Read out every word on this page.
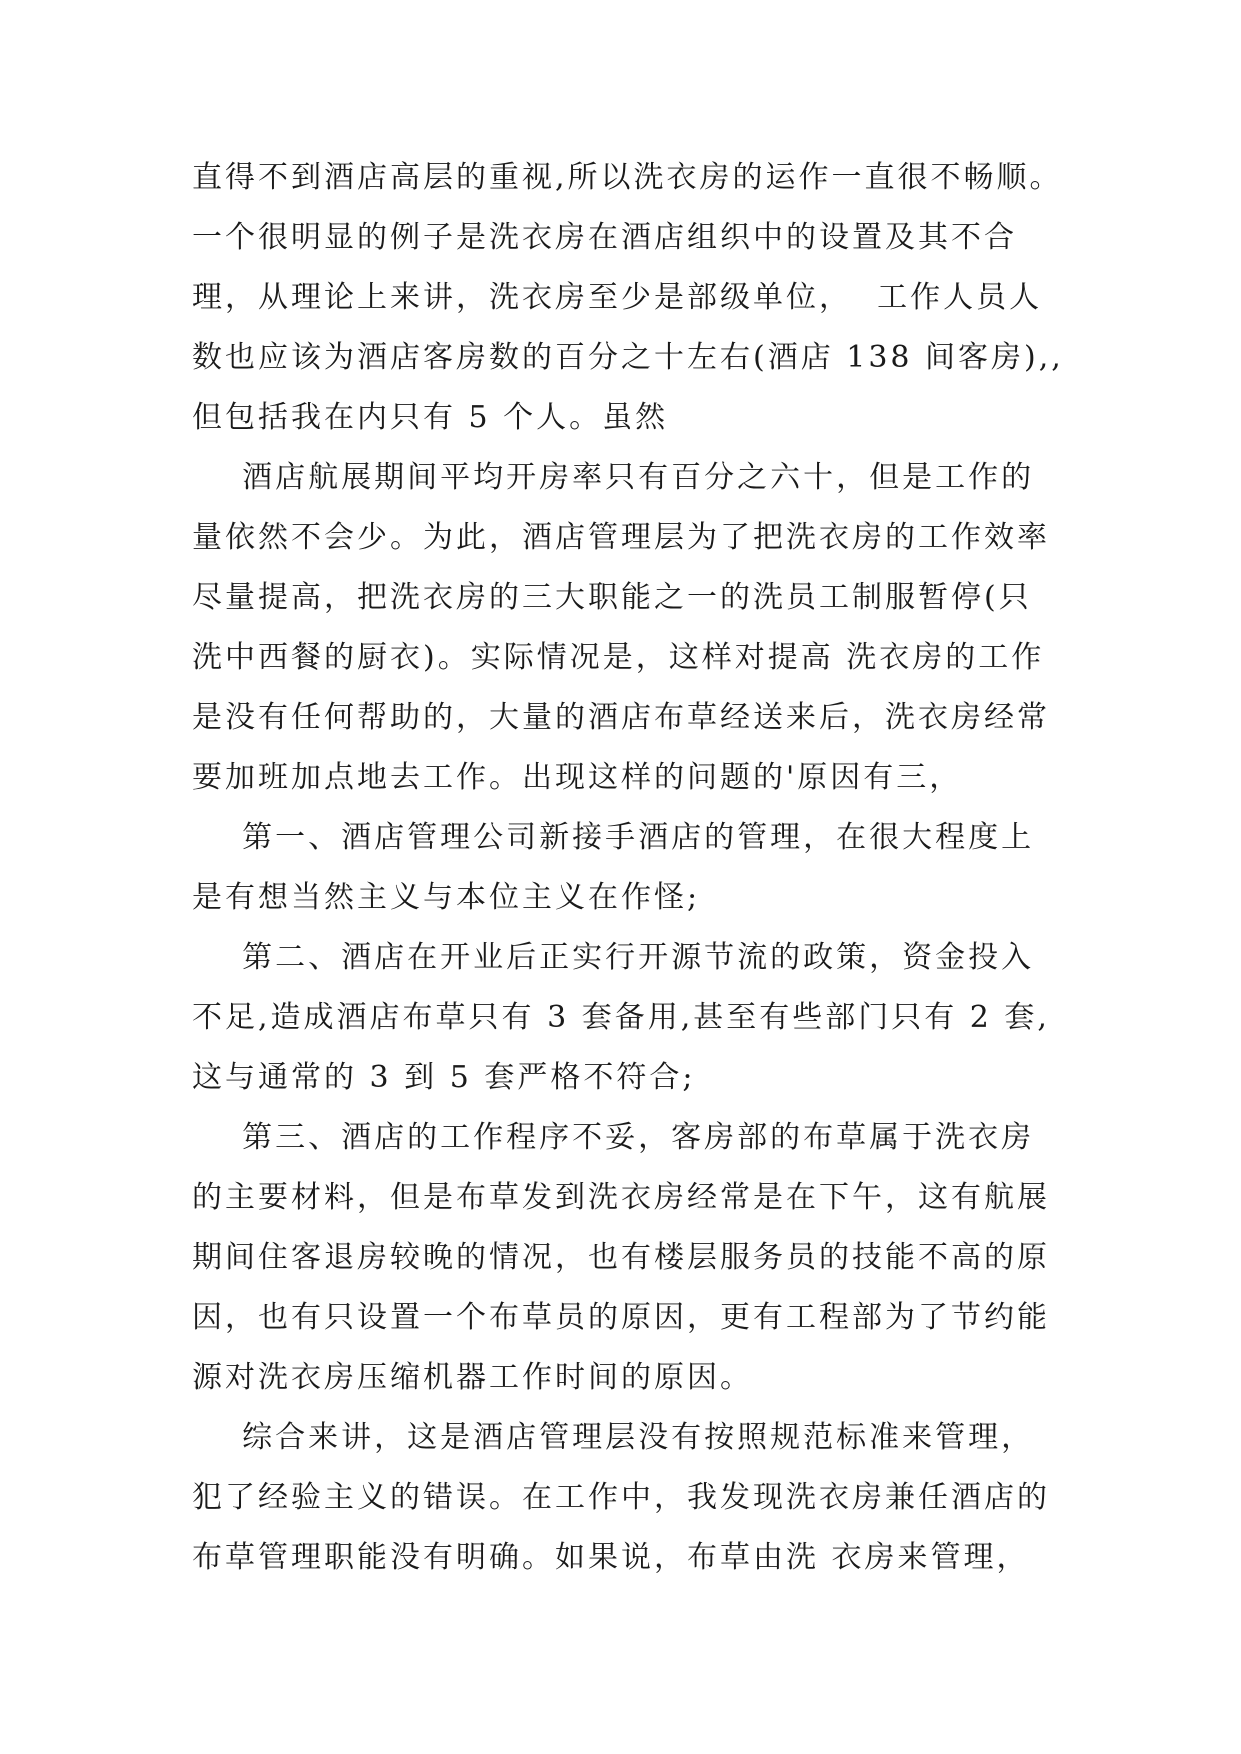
直得不到酒店高层的重视,所以洗衣房的运作一直很不畅顺。
一个很明显的例子是洗衣房在酒店组织中的设置及其不合
理，从理论上来讲，洗衣房至少是部级单位，  工作人员人
数也应该为酒店客房数的百分之十左右(酒店 138 间客房),,
但包括我在内只有 5 个人。虽然
酒店航展期间平均开房率只有百分之六十，但是工作的
量依然不会少。为此，酒店管理层为了把洗衣房的工作效率
尽量提高，把洗衣房的三大职能之一的洗员工制服暂停(只
洗中西餐的厨衣)。实际情况是，这样对提高 洗衣房的工作
是没有任何帮助的，大量的酒店布草经送来后，洗衣房经常
要加班加点地去工作。出现这样的问题的'原因有三，
第一、酒店管理公司新接手酒店的管理，在很大程度上
是有想当然主义与本位主义在作怪;
第二、酒店在开业后正实行开源节流的政策，资金投入
不足,造成酒店布草只有 3 套备用,甚至有些部门只有 2 套,
这与通常的 3 到 5 套严格不符合;
第三、酒店的工作程序不妥，客房部的布草属于洗衣房
的主要材料，但是布草发到洗衣房经常是在下午，这有航展
期间住客退房较晚的情况，也有楼层服务员的技能不高的原
因，也有只设置一个布草员的原因，更有工程部为了节约能
源对洗衣房压缩机器工作时间的原因。
综合来讲，这是酒店管理层没有按照规范标准来管理，
犯了经验主义的错误。在工作中，我发现洗衣房兼任酒店的
布草管理职能没有明确。如果说，布草由洗 衣房来管理，
